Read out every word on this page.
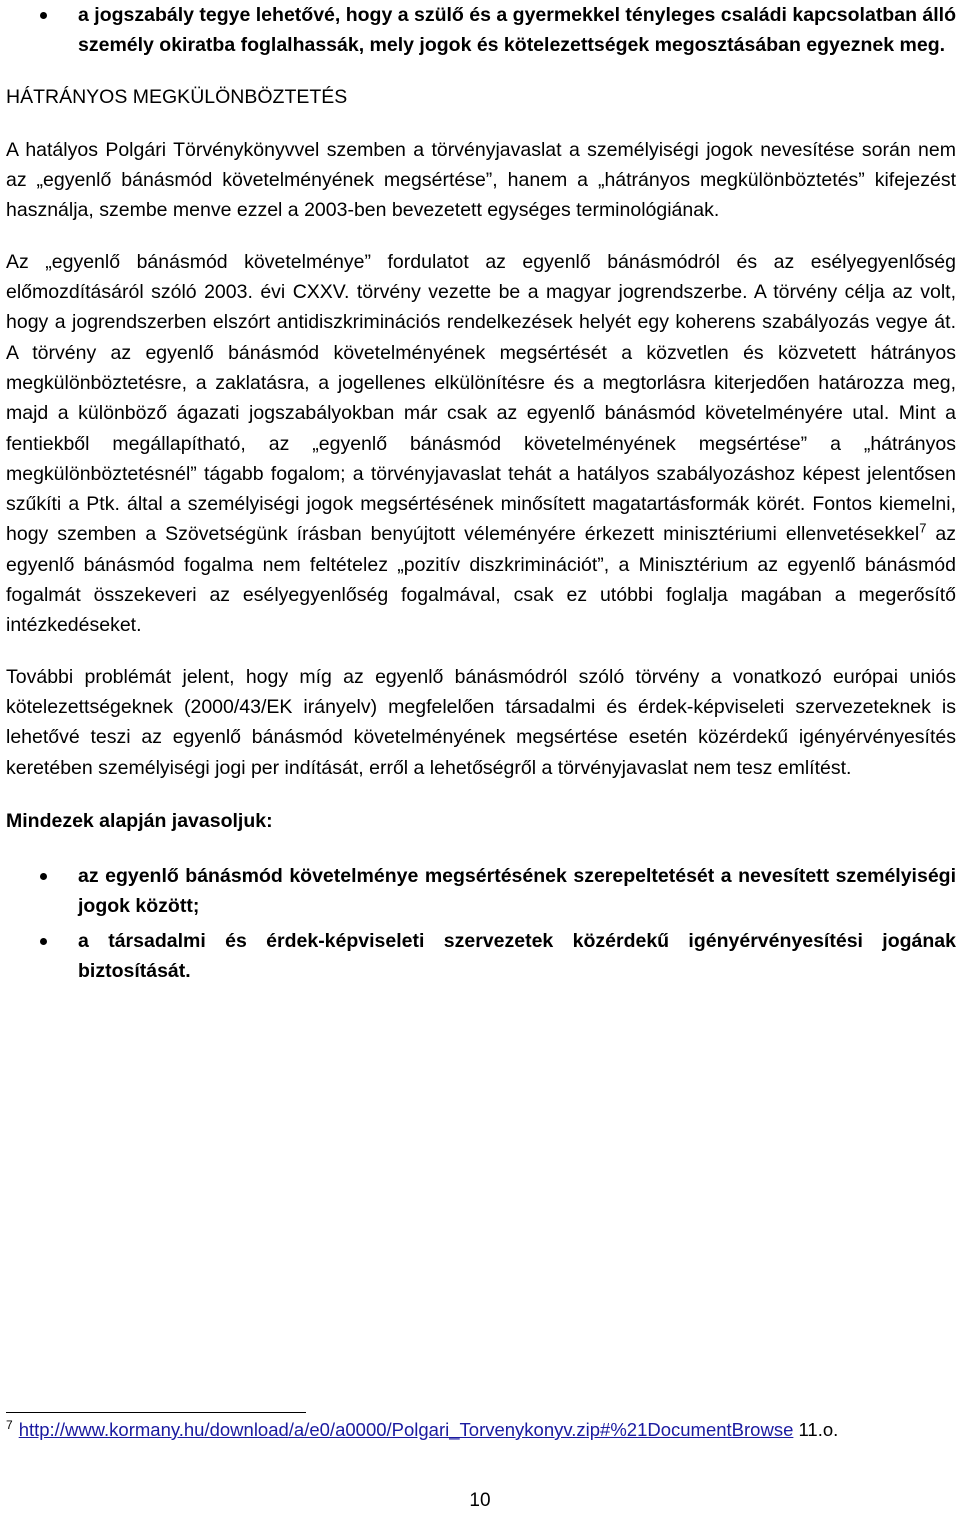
a jogszabály tegye lehetővé, hogy a szülő és a gyermekkel tényleges családi kapcsolatban álló személy okiratba foglalhassák, mely jogok és kötelezettségek megosztásában egyeznek meg.
HÁTRÁNYOS MEGKÜLÖNBÖZTETÉS

A hatályos Polgári Törvénykönyvvel szemben a törvényjavaslat a személyiségi jogok nevesítése során nem az „egyenlő bánásmód követelményének megsértése”, hanem a „hátrányos megkülönböztetés” kifejezést használja, szembe menve ezzel a 2003-ben bevezetett egységes terminológiának.

Az „egyenlő bánásmód követelménye” fordulatot az egyenlő bánásmódról és az esélyegyenlőség előmozdításáról szóló 2003. évi CXXV. törvény vezette be a magyar jogrendszerbe. A törvény célja az volt, hogy a jogrendszerben elszórt antidiszkriminációs rendelkezések helyét egy koherens szabályozás vegye át. A törvény az egyenlő bánásmód követelményének megsértését a közvetlen és közvetett hátrányos megkülönböztetésre, a zaklatásra, a jogellenes elkülönítésre és a megtorlásra kiterjedően határozza meg, majd a különböző ágazati jogszabályokban már csak az egyenlő bánásmód követelményére utal. Mint a fentiekből megállapítható, az „egyenlő bánásmód követelményének megsértése” a „hátrányos megkülönböztetésnél” tágabb fogalom; a törvényjavaslat tehát a hatályos szabályozáshoz képest jelentősen szűkíti a Ptk. által a személyiségi jogok megsértésének minősített magatartásformák körét. Fontos kiemelni, hogy szemben a Szövetségünk írásban benyújtott véleményére érkezett minisztériumi ellenvetésekkel$^7$ az egyenlő bánásmód fogalma nem feltételez „pozitív diszkriminációt”, a Minisztérium az egyenlő bánásmód fogalmát összekeveri az esélyegyenlőség fogalmával, csak ez utóbbi foglalja magában a megerősítő intézkedéseket.

További problémát jelent, hogy míg az egyenlő bánásmódról szóló törvény a vonatkozó európai uniós kötelezettségeknek (2000/43/EK irányelv) megfelelően társadalmi és érdek-képviseleti szervezeteknek is lehetővé teszi az egyenlő bánásmód követelményének megsértése esetén közérdekű igényérvényesítés keretében személyiségi jogi per indítását, erről a lehetőségről a törvényjavaslat nem tesz említést.

Mindezek alapján javasoljuk:

az egyenlő bánásmód követelménye megsértésének szerepeltetését a nevesített személyiségi jogok között;
a társadalmi és érdek-képviseleti szervezetek közérdekű igényérvényesítési jogának biztosítását.
$^7$ http://www.kormany.hu/download/a/e0/a0000/Polgari_Torvenykonyv.zip#%21DocumentBrowse 11.o.
10
